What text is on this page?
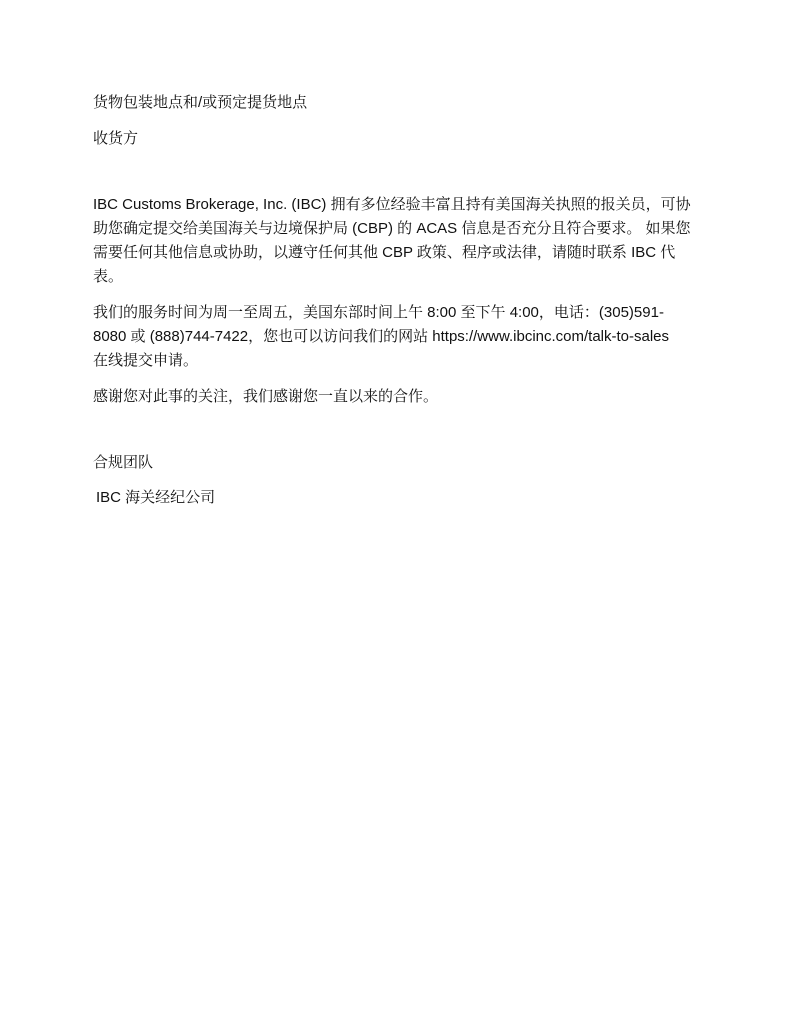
货物包装地点和/或预定提货地点
收货方
IBC Customs Brokerage, Inc. (IBC) 拥有多位经验丰富且持有美国海关执照的报关员，可协
助您确定提交给美国海关与边境保护局 (CBP) 的 ACAS 信息是否充分且符合要求。 如果您
需要任何其他信息或协助，以遵守任何其他 CBP 政策、程序或法律，请随时联系 IBC 代
表。
我们的服务时间为周一至周五，美国东部时间上午 8:00 至下午 4:00，电话：(305)591-
8080 或 (888)744-7422，您也可以访问我们的网站 https://www.ibcinc.com/talk-to-sales
在线提交申请。
感谢您对此事的关注，我们感谢您一直以来的合作。
合规团队
IBC 海关经纪公司
